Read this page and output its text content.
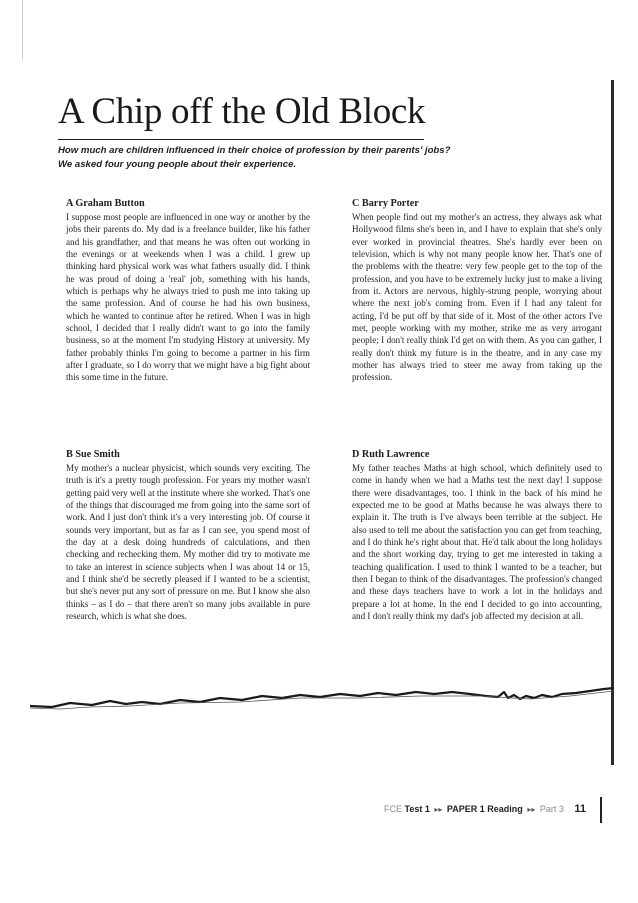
A Chip off the Old Block
How much are children influenced in their choice of profession by their parents' jobs?
We asked four young people about their experience.
A Graham Button

I suppose most people are influenced in one way or another by the jobs their parents do. My dad is a freelance builder, like his father and his grandfather, and that means he was often out working in the evenings or at weekends when I was a child. I grew up thinking hard physical work was what fathers usually did. I think he was proud of doing a 'real' job, something with his hands, which is perhaps why he always tried to push me into taking up the same profession. And of course he had his own business, which he wanted to continue after he retired. When I was in high school, I decided that I really didn't want to go into the family business, so at the moment I'm studying History at university. My father probably thinks I'm going to become a partner in his firm after I graduate, so I do worry that we might have a big fight about this some time in the future.

C Barry Porter

When people find out my mother's an actress, they always ask what Hollywood films she's been in, and I have to explain that she's only ever worked in provincial theatres. She's hardly ever been on television, which is why not many people know her. That's one of the problems with the theatre: very few people get to the top of the profession, and you have to be extremely lucky just to make a living from it. Actors are nervous, highly-strung people, worrying about where the next job's coming from. Even if I had any talent for acting, I'd be put off by that side of it. Most of the other actors I've met, people working with my mother, strike me as very arrogant people; I don't really think I'd get on with them. As you can gather, I really don't think my future is in the theatre, and in any case my mother has always tried to steer me away from taking up the profession.

B Sue Smith

My mother's a nuclear physicist, which sounds very exciting. The truth is it's a pretty tough profession. For years my mother wasn't getting paid very well at the institute where she worked. That's one of the things that discouraged me from going into the same sort of work. And I just don't think it's a very interesting job. Of course it sounds very important, but as far as I can see, you spend most of the day at a desk doing hundreds of calculations, and then checking and rechecking them. My mother did try to motivate me to take an interest in science subjects when I was about 14 or 15, and I think she'd be secretly pleased if I wanted to be a scientist, but she's never put any sort of pressure on me. But I know she also thinks – as I do – that there aren't so many jobs available in pure research, which is what she does.

D Ruth Lawrence

My father teaches Maths at high school, which definitely used to come in handy when we had a Maths test the next day! I suppose there were disadvantages, too. I think in the back of his mind he expected me to be good at Maths because he was always there to explain it. The truth is I've always been terrible at the subject. He also used to tell me about the satisfaction you can get from teaching, and I do think he's right about that. He'd talk about the long holidays and the short working day, trying to get me interested in taking a teaching qualification. I used to think I wanted to be a teacher, but then I began to think of the disadvantages. The profession's changed and these days teachers have to work a lot in the holidays and prepare a lot at home. In the end I decided to go into accounting, and I don't really think my dad's job affected my decision at all.

FCE Test 1 ▸▸ PAPER 1 Reading ▸▸ Part 3 11
